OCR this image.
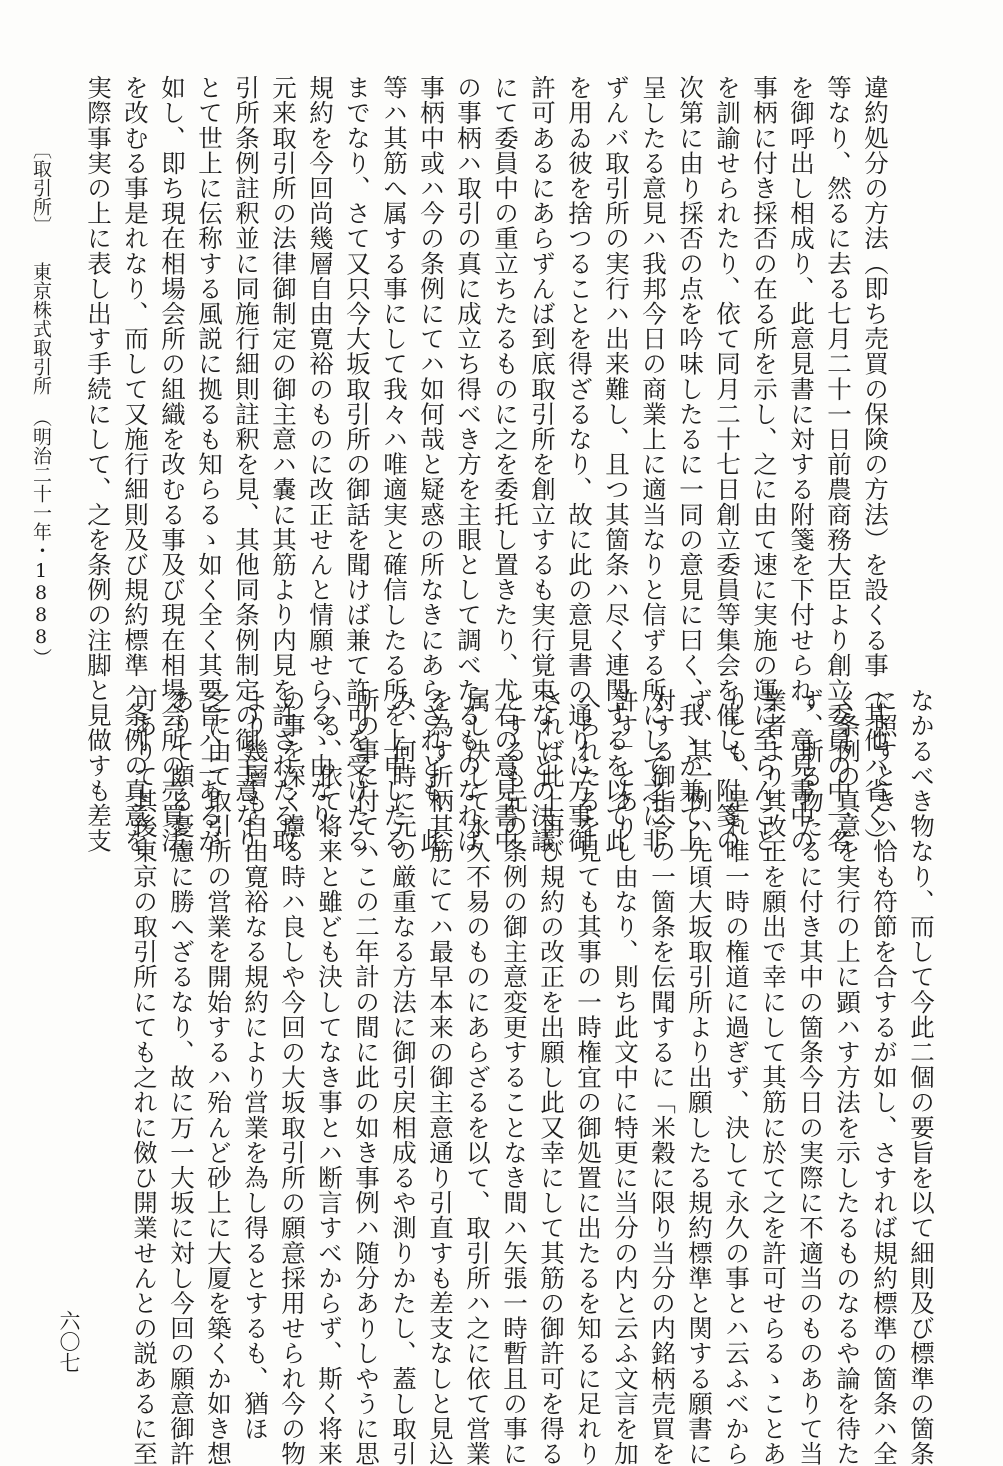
違約処分の方法（即ち売買の保険の方法）を設くる事（其他ハ省く）
等なり、然るに去る七月二十一日前農商務大臣より創立委員の中一名
を御呼出し相成り、此意見書に対する附箋を下付せられ、意見書中の
事柄に付き採否の在る所を示し、之に由て速に実施の運に至らんこと
を訓諭せられたり、依て同月二十七日創立委員等集会を催し、附箋の
次第に由り採否の点を吟味したるに一同の意見に曰く、我ゝが兼て上
呈したる意見ハ我邦今日の商業上に適当なりと信ずる所にして之に非
ずんバ取引所の実行ハ出来難し、且つ其箇条ハ尽く連関するを以て此
を用ゐ彼を捨つることを得ざるなり、故に此の意見書の通りに万事御
許可あるにあらずんば到底取引所を創立するも実行覚束なしとの決議
にて委員中の重立ちたるものに之を委托し置きたり、尤右の意見書中
の事柄ハ取引の真に成立ち得べき方を主眼として調べたるものなれば
事柄中或ハ今の条例にてハ如何哉と疑惑の所なきにあらざれども、此
等ハ其筋へ属する事にして我々ハ唯適実と確信したる所を上申したる
までなり、さて又只今大坂取引所の御話を聞けば兼て許可を受けたる
規約を今回尚幾層自由寛裕のものに改正せんと情願せらるゝ由なり、
元来取引所の法律御制定の御主意ハ嚢に其筋より内見を許されたる取
引所条例註釈並に同施行細則註釈を見、其他同条例制定の御主意なり
とて世上に伝称する風説に拠るも知らるゝ如く全く其要旨ハ二あるが
如し、即ち現在相場会所の組織を改むる事及び現在相場会所の売買法
を改むる事是れなり、而して又施行細則及び規約標準ハ条例の真意を
実際事実の上に表し出す手続にして、之を条例の注脚と見做すも差支
なかるべき物なり、而して今此二個の要旨を以て細則及び標準の箇条
に照すときハ恰も符節を合するが如し、さすれば規約標準の箇条ハ全
く条例の真意を実行の上に顕ハす方法を示したるものなるや論を待た
ず、斯る物たるに付き其中の箇条今日の実際に不適当のものありて当
業者より其改正を願出で幸にして其筋に於て之を許可せらるゝことあ
りとも、是れ唯一時の権道に過ぎず、決して永久の事とハ云ふべから
ず、其一例ハ先頃大坂取引所より出願したる規約標準と関する願書に
対する御指令の一箇条を伝聞するに「米穀に限り当分の内銘柄売買を
許す」とありし由なり、則ち此文中に特更に当分の内と云ふ文言を加
へられたるを見ても其事の一時権宜の御処置に出たるを知るに足れり
されば此上再び規約の改正を出願し此又幸にして其筋の御許可を得る
とするも元の条例の御主意変更することなき間ハ矢張一時暫且の事に
属し決して永久不易のものにあらざるを以て、取引所ハ之に依て営業
を為す折柄其筋にてハ最早本来の御主意通り引直すも差支なしと見込
み、何時に元の厳重なる方法に御引戻相成るや測りかたし、蓋し取引
所の事に付てハこの二年計の間に此の如き事例ハ随分ありしやうに思
ハる、依て将来と雖ども決してなき事とハ断言すべからず、斯く将来
の事を深く慮る時ハ良しや今回の大坂取引所の願意採用せられ今の物
より幾層も自由寛裕なる規約により営業を為し得るとするも、猶ほ
之に由て取引所の営業を開始するハ殆んど砂上に大厦を築くか如き想
ありて頗る憂慮に勝へざるなり、故に万一大坂に対し今回の願意御許
可ありて其後東京の取引所にても之れに傚ひ開業せんとの説あるに至
〔取引所〕
東京株式取引所
（明治二十一年・1888）
六〇七
